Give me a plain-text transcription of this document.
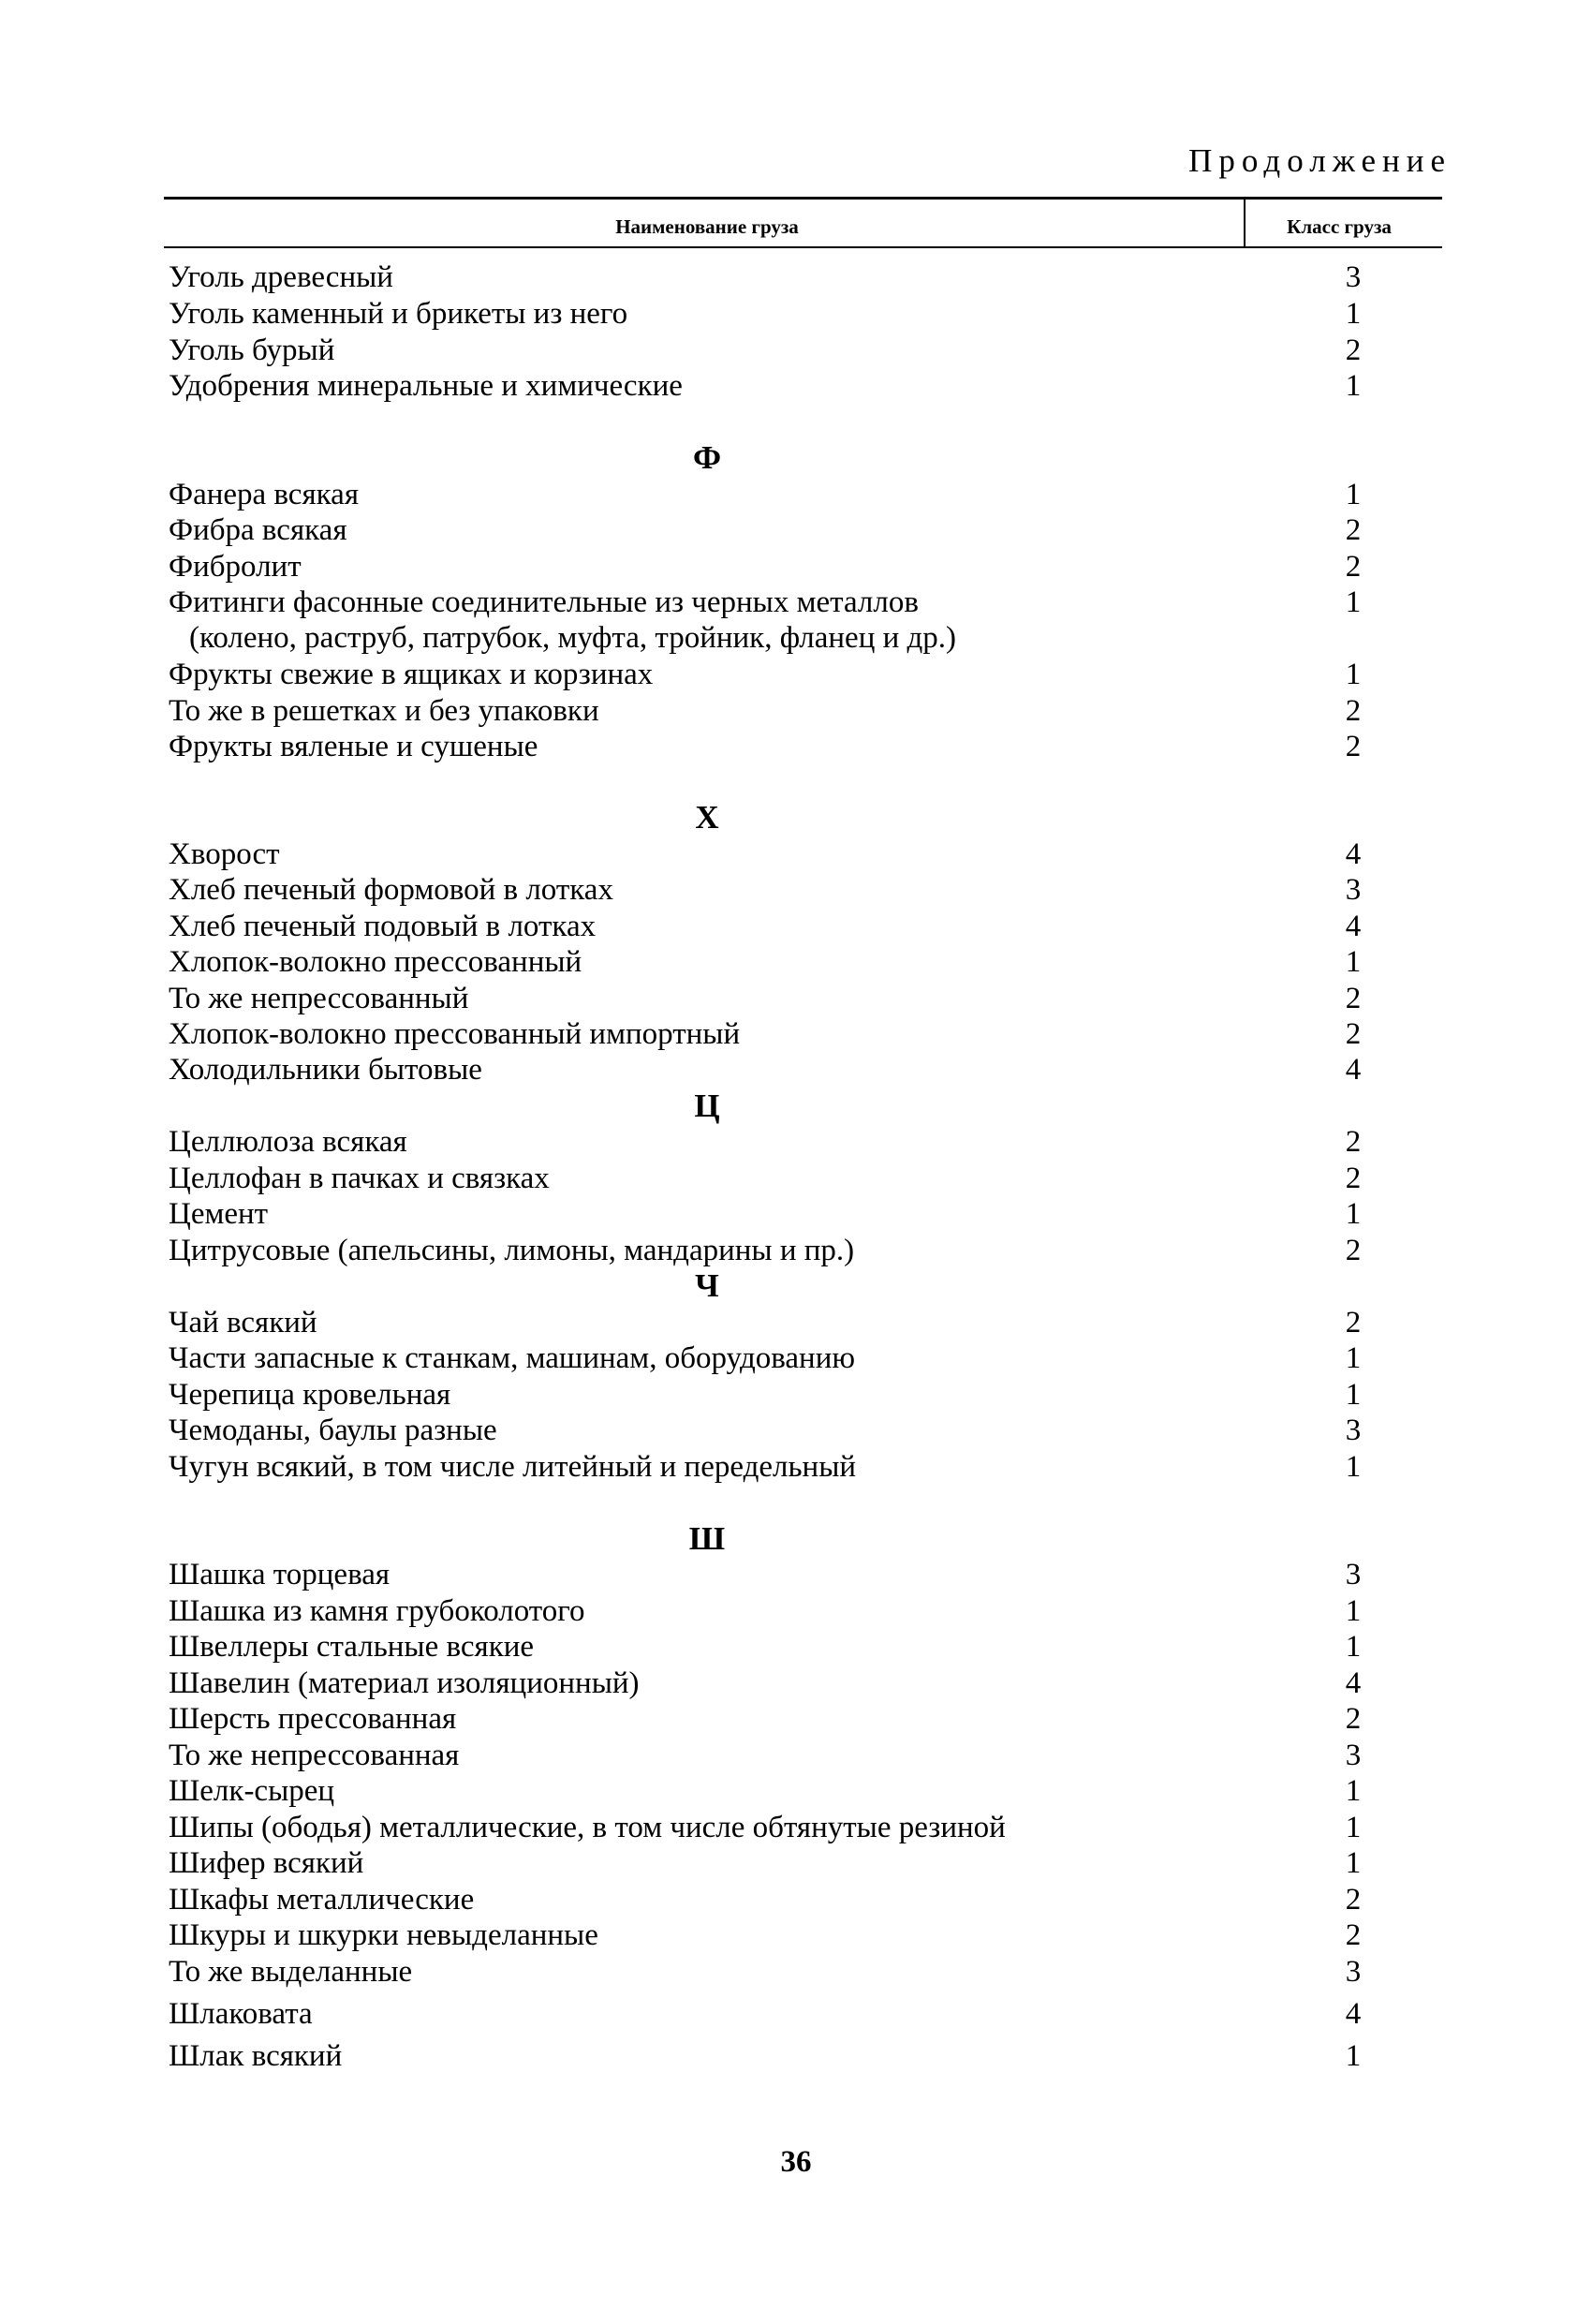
Продолжение
Наименование груза	Класс груза
Уголь древесный	3
Уголь каменный и брикеты из него	1
Уголь бурый	2
Удобрения минеральные и химические	1
Ф
Фанера всякая	1
Фибра всякая	2
Фибролит	2
Фитинги фасонные соединительные из черных металлов	1
(колено, раструб, патрубок, муфта, тройник, фланец и др.)
Фрукты свежие в ящиках и корзинах	1
То же в решетках и без упаковки	2
Фрукты вяленые и сушеные	2
Х
Хворост	4
Хлеб печеный формовой в лотках	3
Хлеб печеный подовый в лотках	4
Хлопок-волокно прессованный	1
То же непрессованный	2
Хлопок-волокно прессованный импортный	2
Холодильники бытовые	4
Ц
Целлюлоза всякая	2
Целлофан в пачках и связках	2
Цемент	1
Цитрусовые (апельсины, лимоны, мандарины и пр.)	2
Ч
Чай всякий	2
Части запасные к станкам, машинам, оборудованию	1
Черепица кровельная	1
Чемоданы, баулы разные	3
Чугун всякий, в том числе литейный и передельный	1
Ш
Шашка торцевая	3
Шашка из камня грубоколотого	1
Швеллеры стальные всякие	1
Шавелин (материал изоляционный)	4
Шерсть прессованная	2
То же непрессованная	3
Шелк-сырец	1
Шипы (ободья) металлические, в том числе обтянутые резиной	1
Шифер всякий	1
Шкафы металлические	2
Шкуры и шкурки невыделанные	2
То же выделанные	3
Шлаковата	4
Шлак всякий	1
36
